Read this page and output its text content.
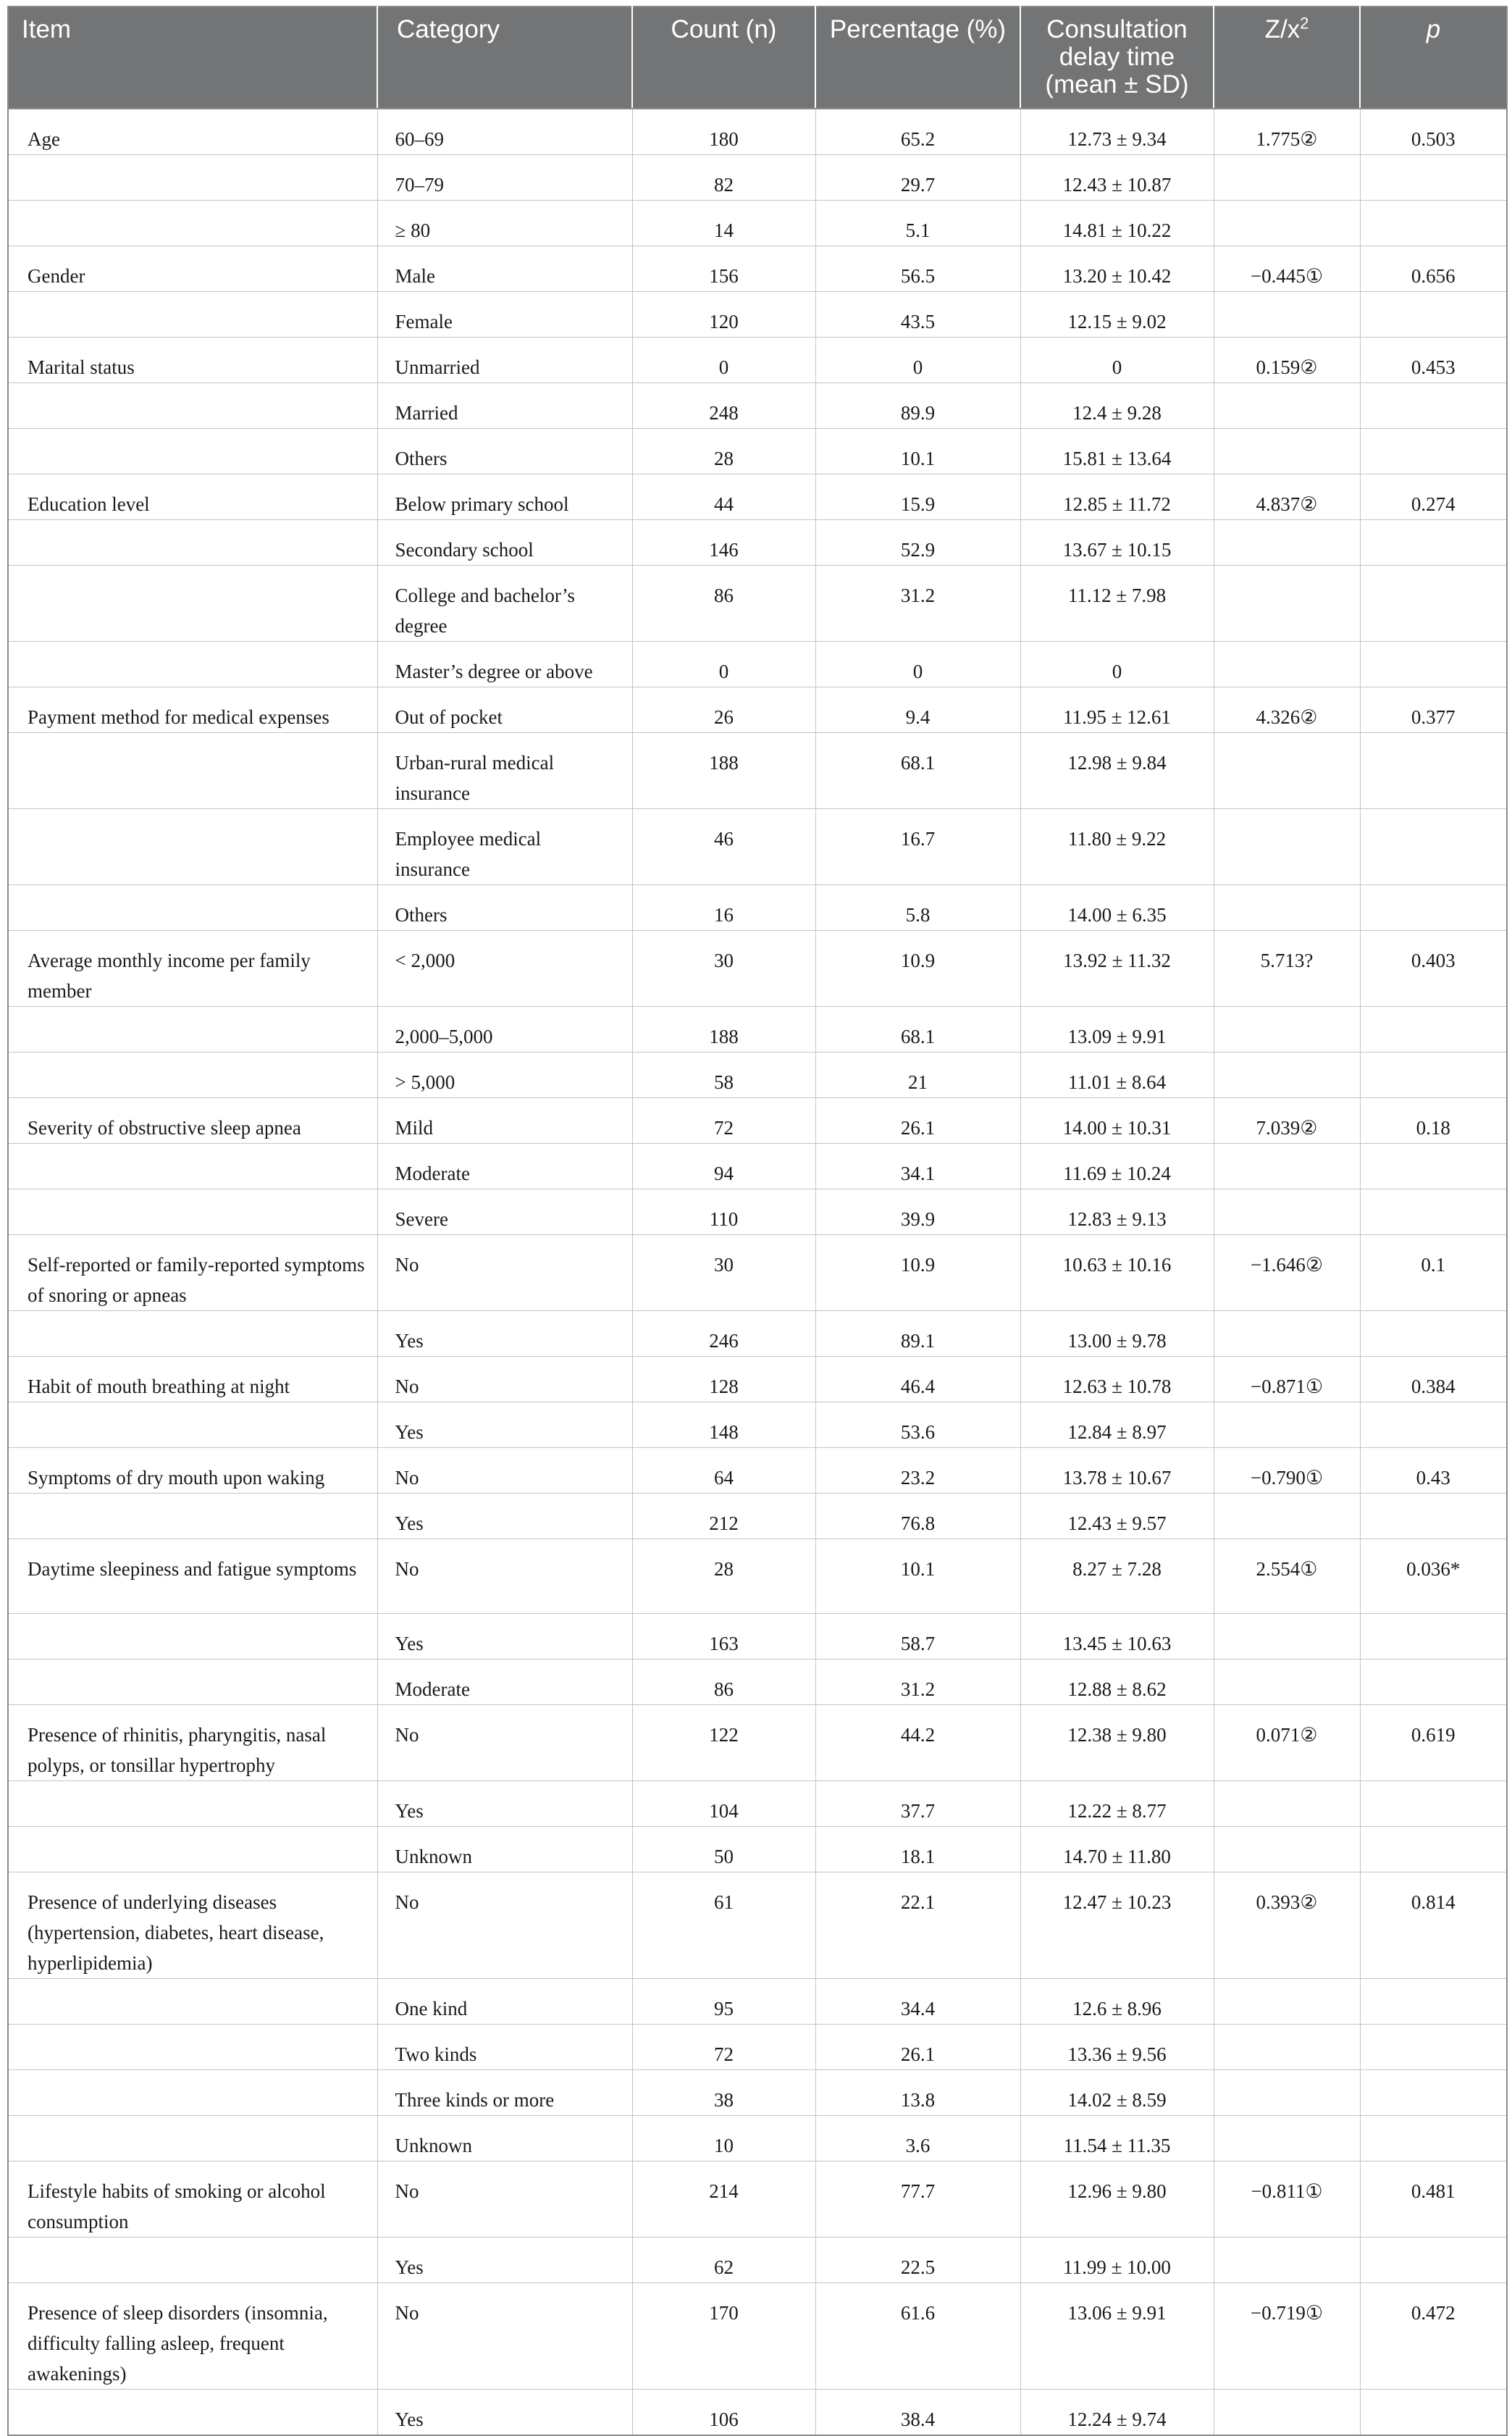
Item	Category	Count (n)	Percentage (%)	Consultation delay time (mean ± SD)	$Z/x^2$	p
Age	60–69	180	65.2	12.73 ± 9.34	1.775②	0.503
	70–79	82	29.7	12.43 ± 10.87		
	≥ 80	14	5.1	14.81 ± 10.22		
Gender	Male	156	56.5	13.20 ± 10.42	−0.445①	0.656
	Female	120	43.5	12.15 ± 9.02		
Marital status	Unmarried	0	0	0	0.159②	0.453
	Married	248	89.9	12.4 ± 9.28		
	Others	28	10.1	15.81 ± 13.64		
Education level	Below primary school	44	15.9	12.85 ± 11.72	4.837②	0.274
	Secondary school	146	52.9	13.67 ± 10.15		
	College and bachelor’s degree	86	31.2	11.12 ± 7.98		
	Master’s degree or above	0	0	0		
Payment method for medical expenses	Out of pocket	26	9.4	11.95 ± 12.61	4.326②	0.377
	Urban-rural medical insurance	188	68.1	12.98 ± 9.84		
	Employee medical insurance	46	16.7	11.80 ± 9.22		
	Others	16	5.8	14.00 ± 6.35		
Average monthly income per family member	< 2,000	30	10.9	13.92 ± 11.32	5.713?	0.403
	2,000–5,000	188	68.1	13.09 ± 9.91		
	> 5,000	58	21	11.01 ± 8.64		
Severity of obstructive sleep apnea	Mild	72	26.1	14.00 ± 10.31	7.039②	0.18
	Moderate	94	34.1	11.69 ± 10.24		
	Severe	110	39.9	12.83 ± 9.13		
Self-reported or family-reported symptoms of snoring or apneas	No	30	10.9	10.63 ± 10.16	−1.646②	0.1
	Yes	246	89.1	13.00 ± 9.78		
Habit of mouth breathing at night	No	128	46.4	12.63 ± 10.78	−0.871①	0.384
	Yes	148	53.6	12.84 ± 8.97		
Symptoms of dry mouth upon waking	No	64	23.2	13.78 ± 10.67	−0.790①	0.43
	Yes	212	76.8	12.43 ± 9.57		
Daytime sleepiness and fatigue symptoms	No	28	10.1	8.27 ± 7.28	2.554①	0.036*
	Yes	163	58.7	13.45 ± 10.63		
	Moderate	86	31.2	12.88 ± 8.62		
Presence of rhinitis, pharyngitis, nasal polyps, or tonsillar hypertrophy	No	122	44.2	12.38 ± 9.80	0.071②	0.619
	Yes	104	37.7	12.22 ± 8.77		
	Unknown	50	18.1	14.70 ± 11.80		
Presence of underlying diseases (hypertension, diabetes, heart disease, hyperlipidemia)	No	61	22.1	12.47 ± 10.23	0.393②	0.814
	One kind	95	34.4	12.6 ± 8.96		
	Two kinds	72	26.1	13.36 ± 9.56		
	Three kinds or more	38	13.8	14.02 ± 8.59		
	Unknown	10	3.6	11.54 ± 11.35		
Lifestyle habits of smoking or alcohol consumption	No	214	77.7	12.96 ± 9.80	−0.811①	0.481
	Yes	62	22.5	11.99 ± 10.00		
Presence of sleep disorders (insomnia, difficulty falling asleep, frequent awakenings)	No	170	61.6	13.06 ± 9.91	−0.719①	0.472
	Yes	106	38.4	12.24 ± 9.74		
